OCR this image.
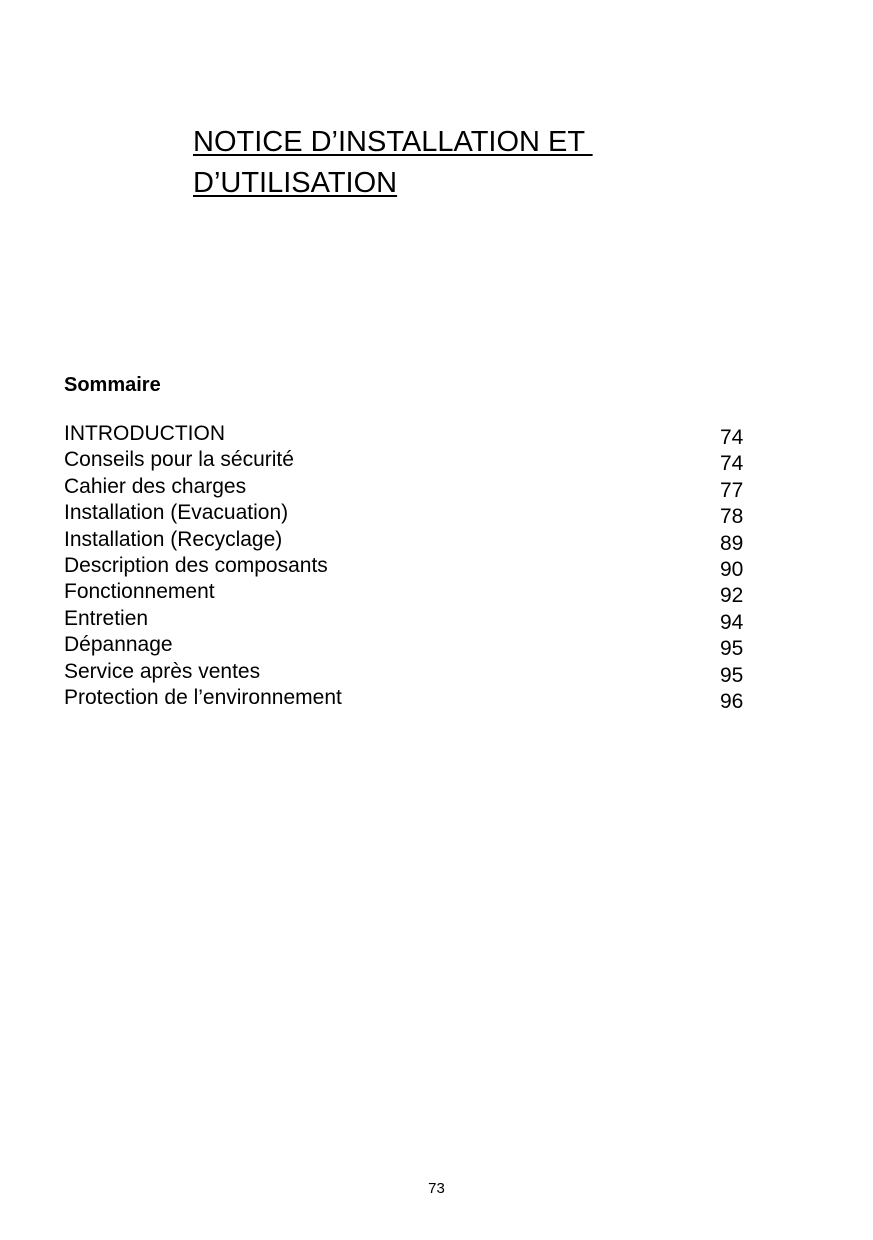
NOTICE D’INSTALLATION ET
D’UTILISATION
Sommaire
INTRODUCTION	74
Conseils pour la sécurité	74
Cahier des charges	77
Installation (Evacuation)	78
Installation (Recyclage)	89
Description des composants	90
Fonctionnement	92
Entretien	94
Dépannage	95
Service après ventes	95
Protection de l’environnement	96
73
